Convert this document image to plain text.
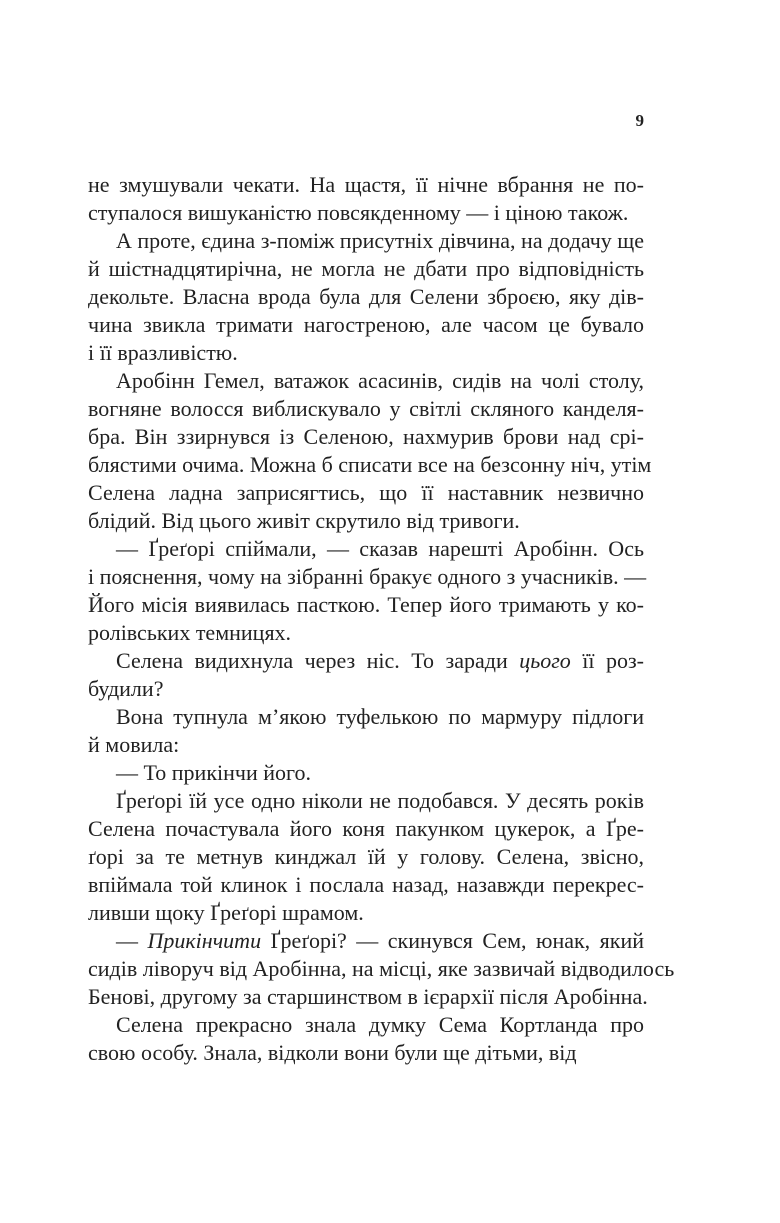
9
не змушували чекати. На щастя, її нічне вбрання не по-
ступалося вишуканістю повсякденному — і ціною також.
А проте, єдина з-поміж присутніх дівчина, на додачу ще
й шістнадцятирічна, не могла не дбати про відповідність
декольте. Власна врода була для Селени зброєю, яку дів-
чина звикла тримати нагостреною, але часом це бувало
і її вразливістю.
Аробінн Гемел, ватажок асасинів, сидів на чолі столу,
вогняне волосся виблискувало у світлі скляного канделя-
бра. Він ззирнувся із Селеною, нахмурив брови над срі-
блястими очима. Можна б списати все на безсонну ніч, утім
Селена ладна заприсягтись, що її наставник незвично
блідий. Від цього живіт скрутило від тривоги.
— Ґреґорі спіймали, — сказав нарешті Аробінн. Ось
і пояснення, чому на зібранні бракує одного з учасників. —
Його місія виявилась пасткою. Тепер його тримають у ко-
ролівських темницях.
Селена видихнула через ніс. То заради цього її роз-
будили?
Вона тупнула м’якою туфелькою по мармуру підлоги
й мовила:
— То прикінчи його.
Ґреґорі їй усе одно ніколи не подобався. У десять років
Селена почастувала його коня пакунком цукерок, а Ґре-
ґорі за те метнув кинджал їй у голову. Селена, звісно,
впіймала той клинок і послала назад, назавжди перекрес-
ливши щоку Ґреґорі шрамом.
— Прикінчити Ґреґорі? — скинувся Сем, юнак, який
сидів ліворуч від Аробінна, на місці, яке зазвичай відводилось
Бенові, другому за старшинством в ієрархії після Аробінна.
Селена прекрасно знала думку Сема Кортланда про
свою особу. Знала, відколи вони були ще дітьми, від
